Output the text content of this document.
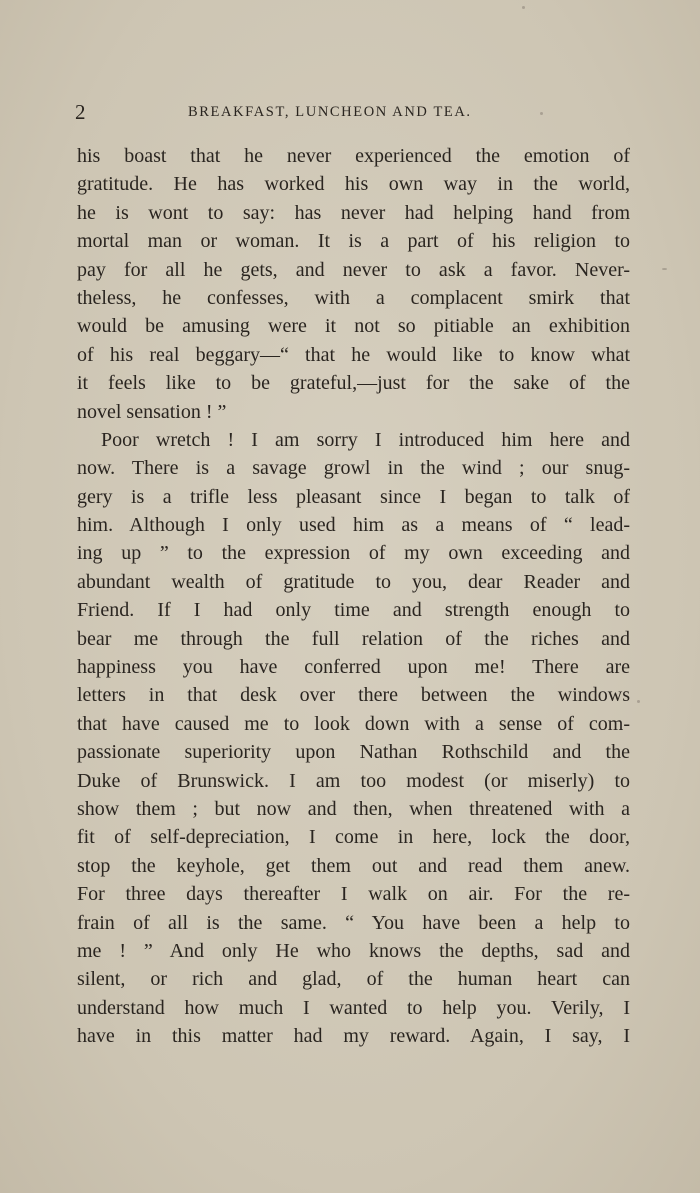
2	BREAKFAST, LUNCHEON AND TEA.
his boast that he never experienced the emotion of
gratitude. He has worked his own way in the world,
he is wont to say: has never had helping hand from
mortal man or woman. It is a part of his religion to
pay for all he gets, and never to ask a favor. Never-
theless, he confesses, with a complacent smirk that
would be amusing were it not so pitiable an exhibition
of his real beggary—“ that he would like to know what
it feels like to be grateful,—just for the sake of the
novel sensation ! ”
Poor wretch ! I am sorry I introduced him here and
now. There is a savage growl in the wind ; our snug-
gery is a trifle less pleasant since I began to talk of
him. Although I only used him as a means of “ lead-
ing up ” to the expression of my own exceeding and
abundant wealth of gratitude to you, dear Reader and
Friend. If I had only time and strength enough to
bear me through the full relation of the riches and
happiness you have conferred upon me! There are
letters in that desk over there between the windows
that have caused me to look down with a sense of com-
passionate superiority upon Nathan Rothschild and the
Duke of Brunswick. I am too modest (or miserly) to
show them ; but now and then, when threatened with a
fit of self-depreciation, I come in here, lock the door,
stop the keyhole, get them out and read them anew.
For three days thereafter I walk on air. For the re-
frain of all is the same. “ You have been a help to
me ! ” And only He who knows the depths, sad and
silent, or rich and glad, of the human heart can
understand how much I wanted to help you. Verily, I
have in this matter had my reward. Again, I say, I
